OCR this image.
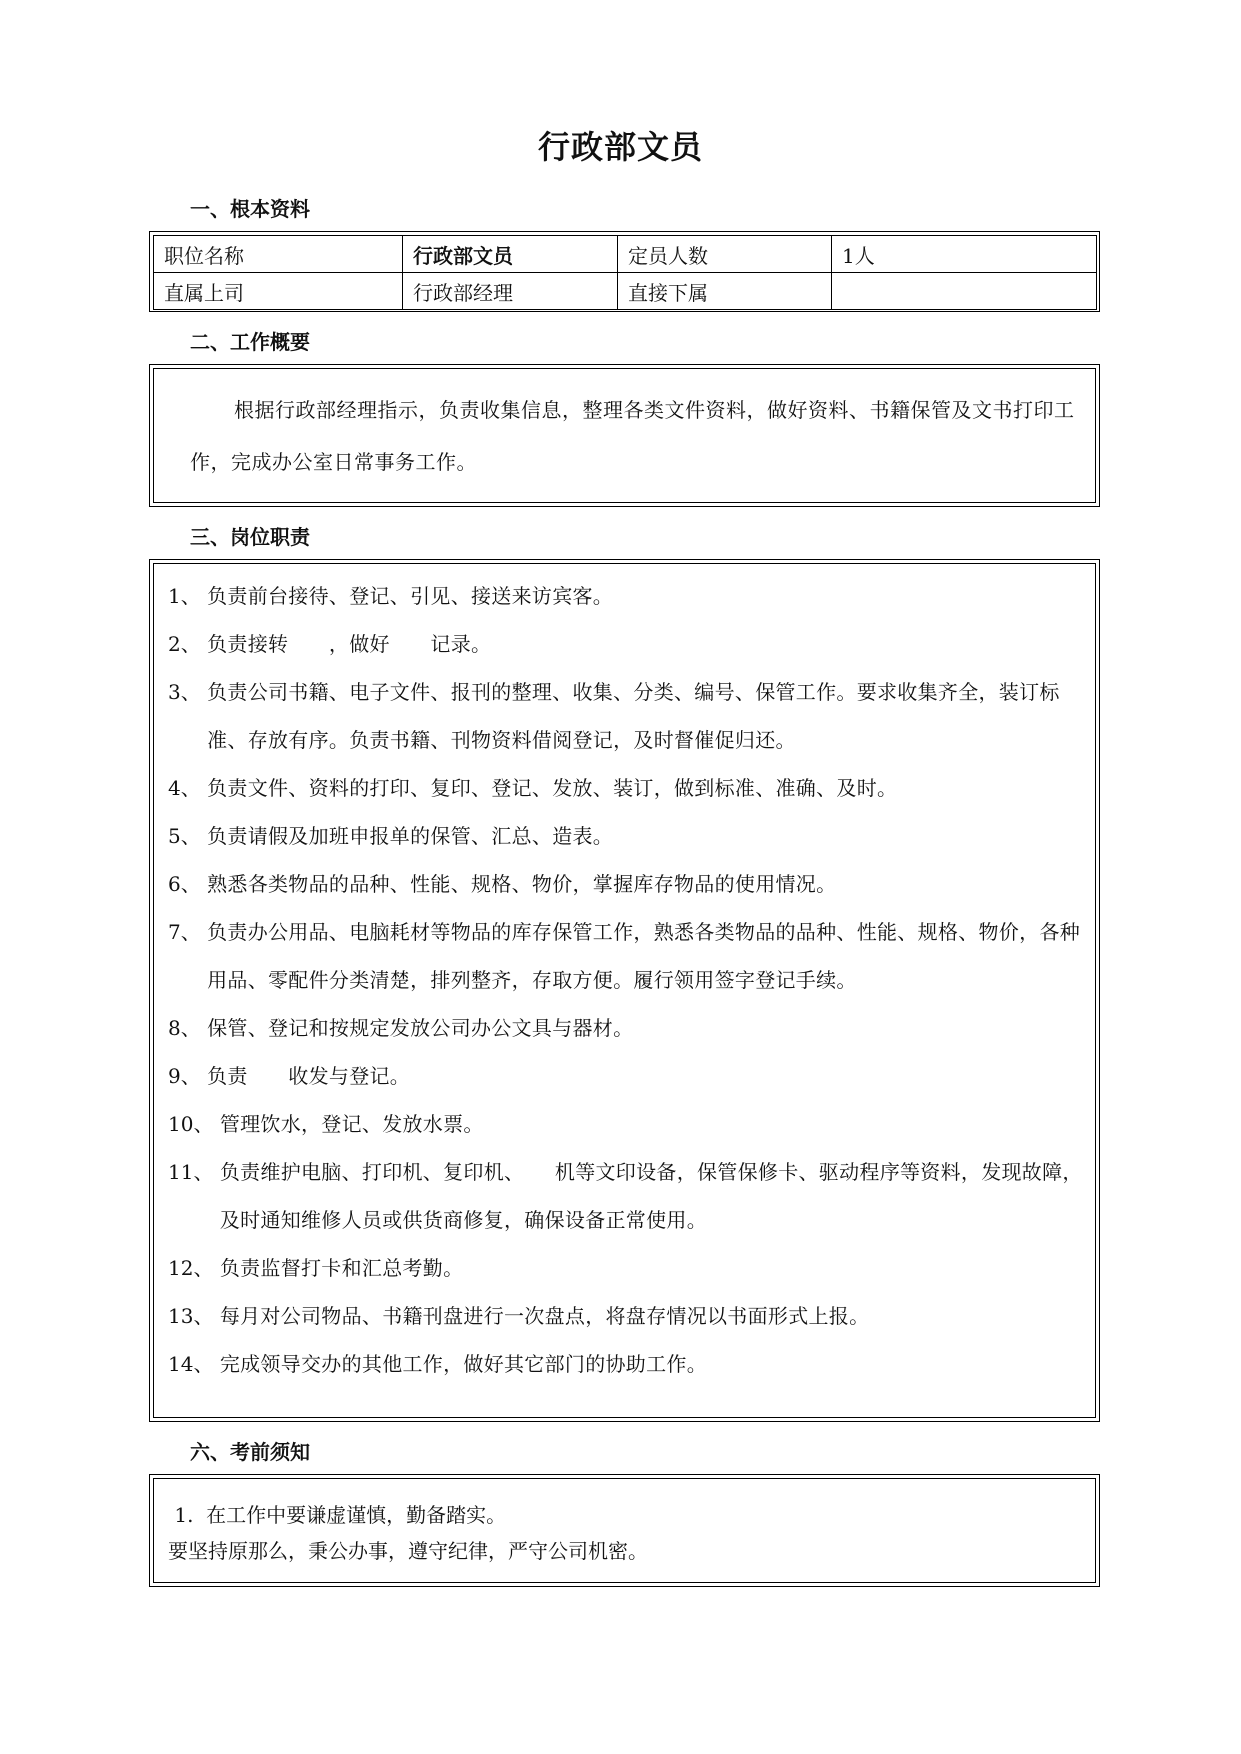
行政部文员
一、根本资料
职位名称	行政部文员	定员人数	1人
直属上司	行政部经理	直接下属	
二、工作概要
根据行政部经理指示，负责收集信息，整理各类文件资料，做好资料、书籍保管及文书打印工作，完成办公室日常事务工作。
三、岗位职责
1、 负责前台接待、登记、引见、接送来访宾客。
2、 负责接转　　，做好　　记录。
3、 负责公司书籍、电子文件、报刊的整理、收集、分类、编号、保管工作。要求收集齐全，装订标准、存放有序。负责书籍、刊物资料借阅登记，及时督催促归还。
4、 负责文件、资料的打印、复印、登记、发放、装订，做到标准、准确、及时。
5、 负责请假及加班申报单的保管、汇总、造表。
6、 熟悉各类物品的品种、性能、规格、物价，掌握库存物品的使用情况。
7、 负责办公用品、电脑耗材等物品的库存保管工作，熟悉各类物品的品种、性能、规格、物价，各种用品、零配件分类清楚，排列整齐，存取方便。履行领用签字登记手续。
8、 保管、登记和按规定发放公司办公文具与器材。
9、 负责　　收发与登记。
10、 管理饮水，登记、发放水票。
11、 负责维护电脑、打印机、复印机、　　机等文印设备，保管保修卡、驱动程序等资料，发现故障，及时通知维修人员或供货商修复，确保设备正常使用。
12、 负责监督打卡和汇总考勤。
13、 每月对公司物品、书籍刊盘进行一次盘点，将盘存情况以书面形式上报。
14、 完成领导交办的其他工作，做好其它部门的协助工作。
六、考前须知
1.  在工作中要谦虚谨慎，勤备踏实。
要坚持原那么，秉公办事，遵守纪律，严守公司机密。
